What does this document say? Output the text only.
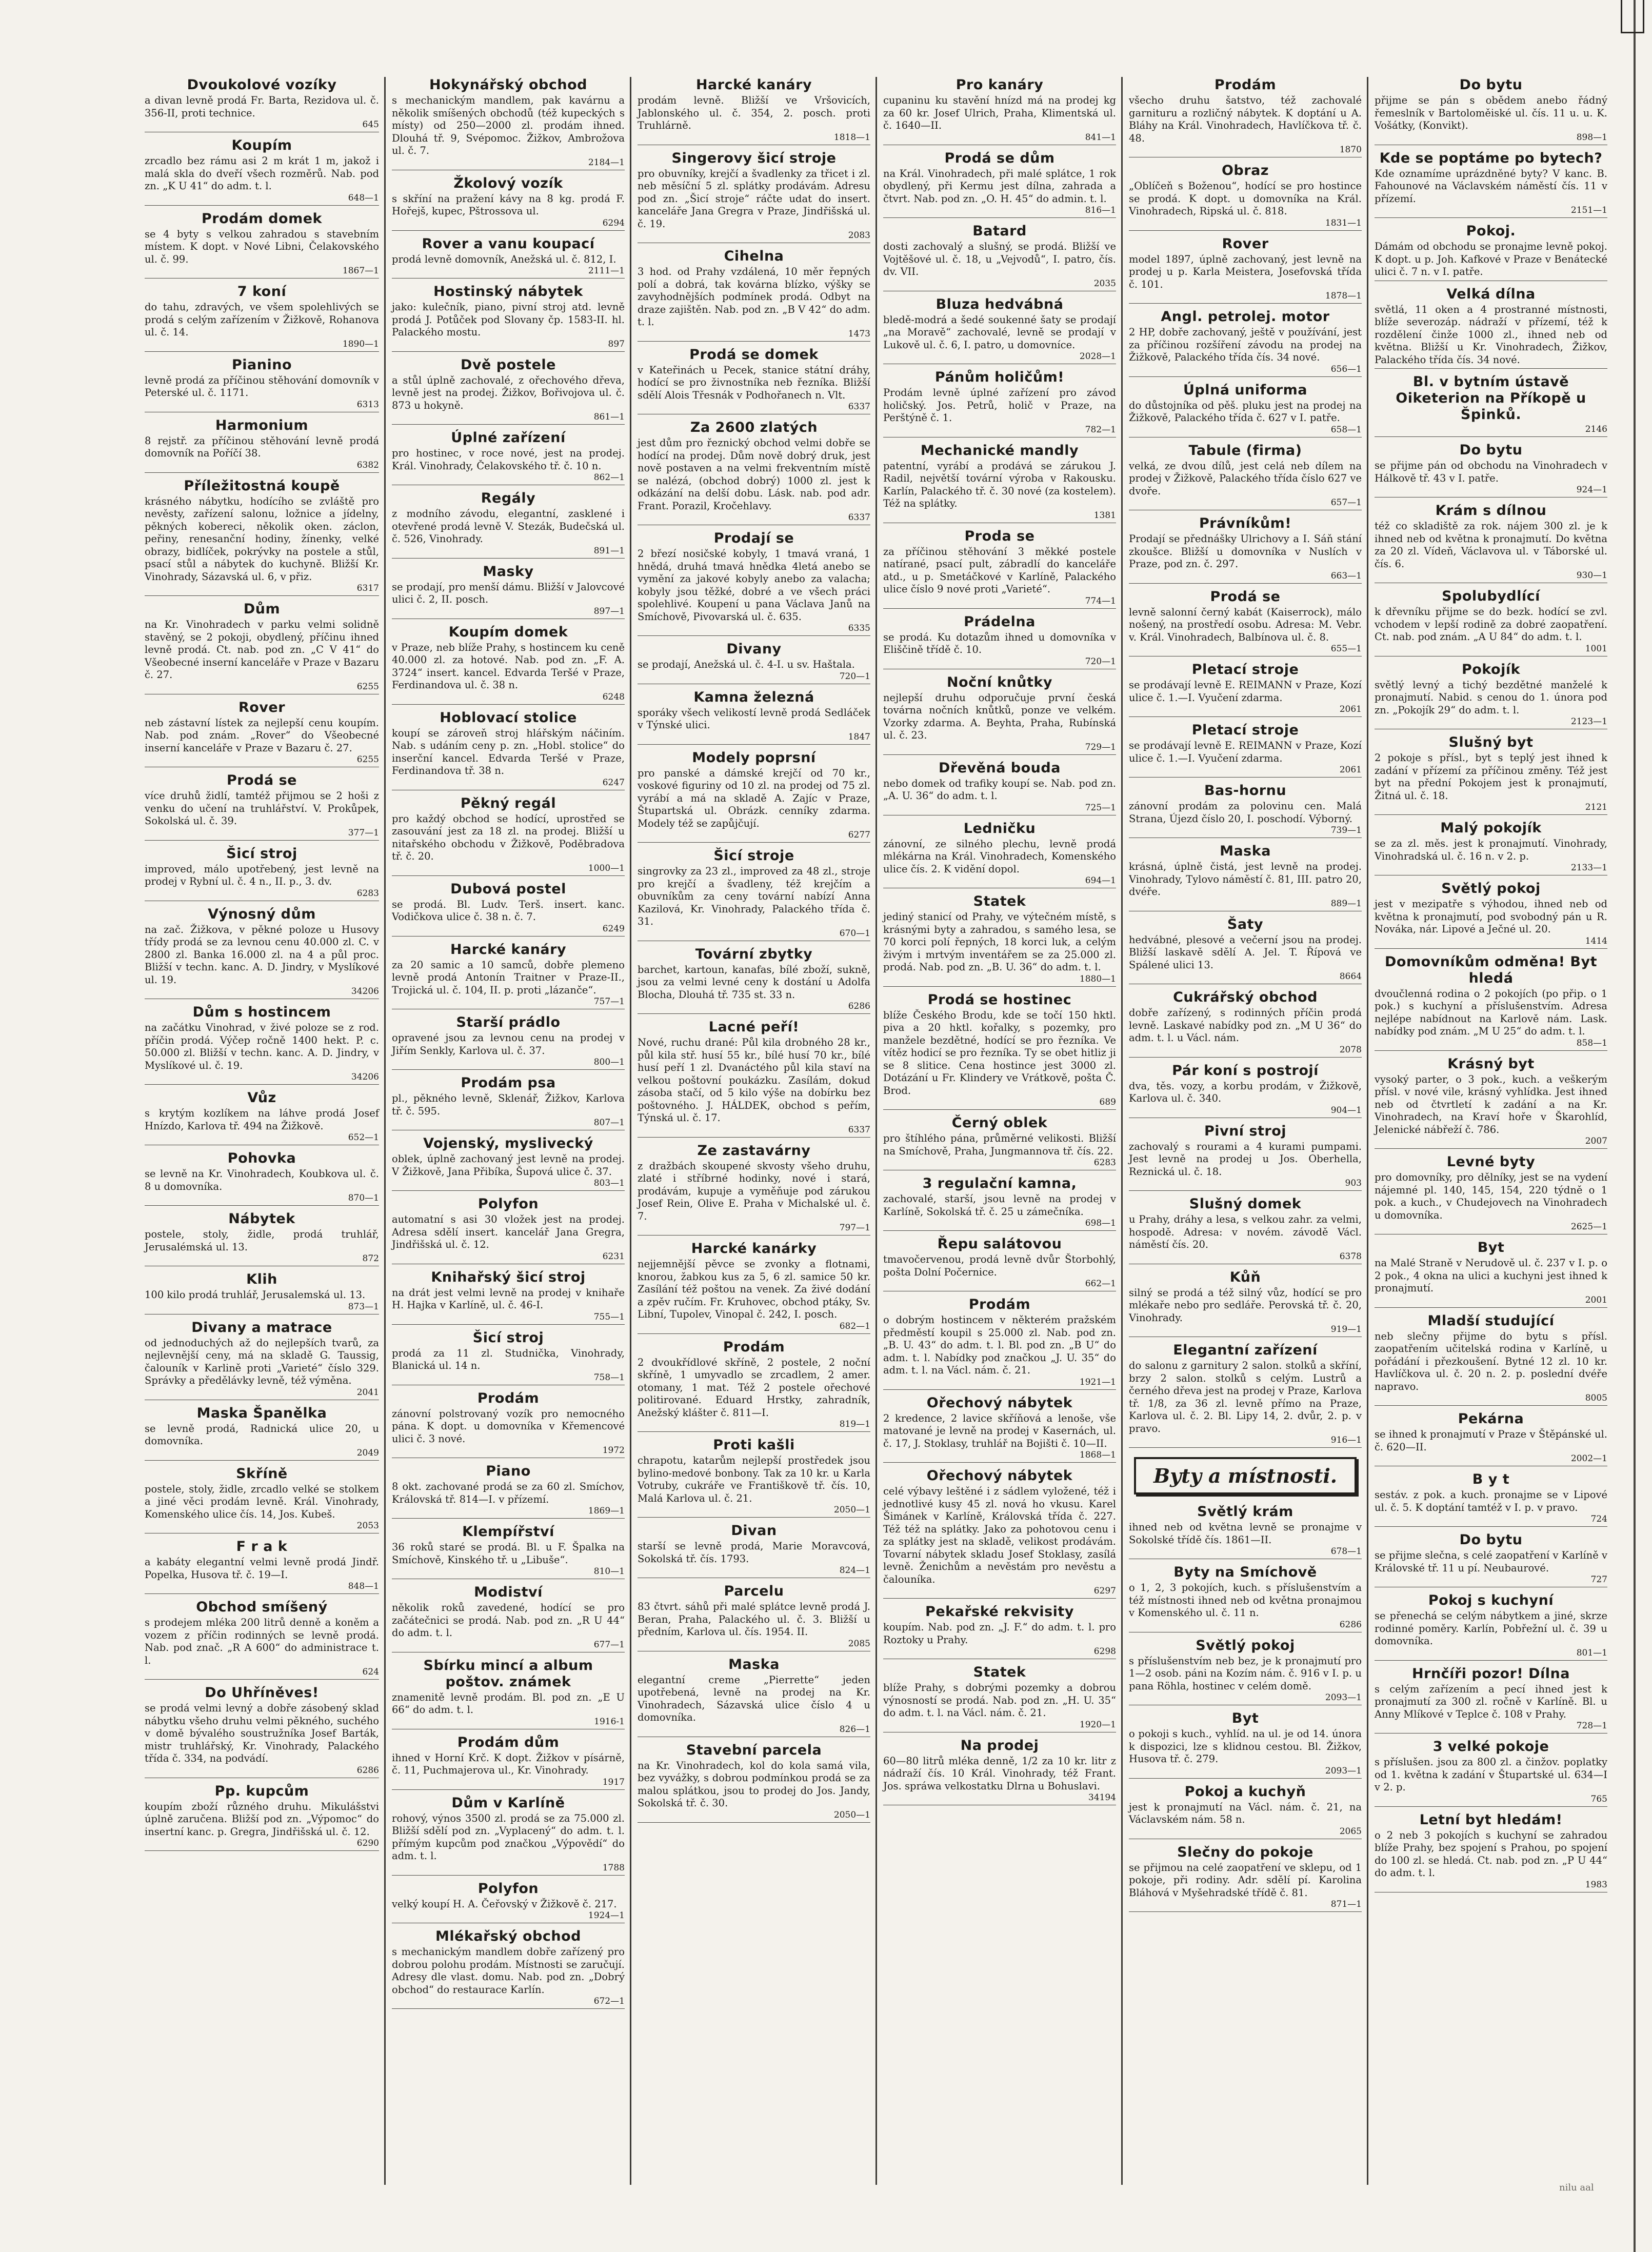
Dvoukolové vozíky

a divan levně prodá Fr. Barta, Rezidova ul. č. 356-II, proti technice.

645
Koupím

zrcadlo bez rámu asi 2 m krát 1 m, jakož i malá skla do dveří všech rozměrů. Nab. pod zn. „K U 41“ do adm. t. l.

648—1
Prodám domek

se 4 byty s velkou zahradou s stavebním místem. K dopt. v Nové Libni, Čelakovského ul. č. 99.

1867—1
7 koní

do tahu, zdravých, ve všem spolehlivých se prodá s celým zařízením v Žižkově, Rohanova ul. č. 14.

1890—1
Pianino

levně prodá za příčinou stěhování domovník v Peterské ul. č. 1171.

6313
Harmonium

8 rejstř. za příčinou stěhování levně prodá domovník na Poříčí 38.

6382
Příležitostná koupě

krásného nábytku, hodícího se zvláště pro nevěsty, zařízení salonu, ložnice a jídelny, pěkných kobereci, několik oken. záclon, peřiny, renesanční hodiny, žínenky, velké obrazy, bidlíček, pokrývky na postele a stůl, psací stůl a nábytek do kuchyně. Bližší Kr. Vinohrady, Sázavská ul. 6, v přiz.

6317
Dům

na Kr. Vinohradech v parku velmi solidně stavěný, se 2 pokoji, obydlený, příčinu ihned levně prodá. Ct. nab. pod zn. „C V 41“ do Všeobecné inserní kanceláře v Praze v Bazaru č. 27.

6255
Rover

neb zástavní lístek za nejlepší cenu koupím. Nab. pod znám. „Rover“ do Všeobecné inserní kanceláře v Praze v Bazaru č. 27.

6255
Prodá se

více druhů židlí, tamtéž přijmou se 2 hoši z venku do učení na truhlářství. V. Prokůpek, Sokolská ul. č. 39.

377—1
Šicí stroj

improved, málo upotřebený, jest levně na prodej v Rybní ul. č. 4 n., II. p., 3. dv.

6283
Výnosný dům

na zač. Žižkova, v pěkné poloze u Husovy třídy prodá se za levnou cenu 40.000 zl. C. v 2800 zl. Banka 16.000 zl. na 4 a půl proc. Bližší v techn. kanc. A. D. Jindry, v Myslíkové ul. 19.

34206
Dům s hostincem

na začátku Vinohrad, v živé poloze se z rod. příčin prodá. Výčep ročně 1400 hekt. P. c. 50.000 zl. Bližší v techn. kanc. A. D. Jindry, v Myslíkové ul. č. 19.

34206
Vůz

s krytým kozlíkem na láhve prodá Josef Hnízdo, Karlova tř. 494 na Žižkově.

652—1
Pohovka

se levně na Kr. Vinohradech, Koubkova ul. č. 8 u domovníka.

870—1
Nábytek

postele, stoly, židle, prodá truhlář, Jerusalémská ul. 13.

872
Klih

100 kilo prodá truhlář, Jerusalemská ul. 13.

873—1
Divany a matrace

od jednoduchých až do nejlepších tvarů, za nejlevnější ceny, má na skladě G. Taussig, čalouník v Karlině proti „Varieté“ číslo 329. Správky a předělávky levně, též výměna.

2041
Maska Španělka

se levně prodá, Radnická ulice 20, u domovníka.

2049
Skříně

postele, stoly, židle, zrcadlo velké se stolkem a jiné věci prodám levně. Král. Vinohrady, Komenského ulice čís. 14, Jos. Kubeš.

2053
F r a k

a kabáty elegantní velmi levně prodá Jindř. Popelka, Husova tř. č. 19—I.

848—1
Obchod smíšený

s prodejem mléka 200 litrů denně a koněm a vozem z příčin rodinných se levně prodá. Nab. pod znač. „R A 600“ do administrace t. l.

624
Do Uhříněves!

se prodá velmi levný a dobře zásobený sklad nábytku všeho druhu velmi pěkného, suchého v domě bývalého soustružníka Josef Barták, mistr truhlářský, Kr. Vinohrady, Palackého třída č. 334, na podvádí.

6286
Pp. kupcům

koupím zboží různého druhu. Mikulášstvi úplně zaručena. Bližší pod zn. „Výpomoc“ do insertní kanc. p. Gregra, Jindřišská ul. č. 12.

6290
Hokynářský obchod

s mechanickým mandlem, pak kavárnu a několik smíšených obchodů (též kupeckých s místy) od 250—2000 zl. prodám ihned. Dlouhá tř. 9, Svépomoc. Žižkov, Ambrožova ul. č. 7.

2184—1
Žkolový vozík

s skříní na pražení kávy na 8 kg. prodá F. Hořejš, kupec, Pštrossova ul.

6294
Rover a vanu koupací

prodá levně domovník, Anežská ul. č. 812, I.

2111—1
Hostinský nábytek

jako: kulečník, piano, pivní stroj atd. levně prodá J. Potůček pod Slovany čp. 1583-II. hl. Palackého mostu.

897
Dvě postele

a stůl úplně zachovalé, z ořechového dřeva, levně jest na prodej. Žižkov, Bořivojova ul. č. 873 u hokyně.

861—1
Úplné zařízení

pro hostinec, v roce nové, jest na prodej. Král. Vinohrady, Čelakovského tř. č. 10 n.

862—1
Regály

z modního závodu, elegantní, zasklené i otevřené prodá levně V. Stezák, Budečská ul. č. 526, Vinohrady.

891—1
Masky

se prodají, pro menší dámu. Bližší v Jalovcové ulici č. 2, II. posch.

897—1
Koupím domek

v Praze, neb blíže Prahy, s hostincem ku ceně 40.000 zl. za hotové. Nab. pod zn. „F. A. 3724“ insert. kancel. Edvarda Teršé v Praze, Ferdinandova ul. č. 38 n.

6248
Hoblovací stolice

koupí se zároveň stroj hlářským náčiním. Nab. s udáním ceny p. zn. „Hobl. stolice“ do inserční kancel. Edvarda Teršé v Praze, Ferdinandova tř. 38 n.

6247
Pěkný regál

pro každý obchod se hodící, uprostřed se zasouvání jest za 18 zl. na prodej. Bližší u nitařského obchodu v Žižkově, Poděbradova tř. č. 20.

1000—1
Dubová postel

se prodá. Bl. Ludv. Terš. insert. kanc. Vodičkova ulice č. 38 n. č. 7.

6249
Harcké kanáry

za 20 samic a 10 samců, dobře plemeno levně prodá Antonín Traitner v Praze-II., Trojická ul. č. 104, II. p. proti „lázanče“.

757—1
Starší prádlo

opravené jsou za levnou cenu na prodej v Jiřím Senkly, Karlova ul. č. 37.

800—1
Prodám psa

pl., pěkného levně, Sklenář, Žižkov, Karlova tř. č. 595.

807—1
Vojenský, myslivecký

oblek, úplně zachovaný jest levně na prodej. V Žižkově, Jana Přibíka, Šupová ulice č. 37.

803—1
Polyfon

automatní s asi 30 vložek jest na prodej. Adresa sdělí insert. kancelář Jana Gregra, Jindřišská ul. č. 12.

6231
Knihařský šicí stroj

na drát jest velmi levně na prodej v knihaře H. Hajka v Karlíně, ul. č. 46-I.

755—1
Šicí stroj

prodá za 11 zl. Studnička, Vinohrady, Blanická ul. 14 n.

758—1
Prodám

zánovní polstrovaný vozík pro nemocného pána. K dopt. u domovníka v Křemencové ulici č. 3 nové.

1972
Piano

8 okt. zachované prodá se za 60 zl. Smíchov, Královská tř. 814—I. v přízemí.

1869—1
Klempířství

36 roků staré se prodá. Bl. u F. Špalka na Smíchově, Kinského tř. u „Libuše“.

810—1
Modiství

několik roků zavedené, hodící se pro začátečnici se prodá. Nab. pod zn. „R U 44“ do adm. t. l.

677—1
Sbírku mincí a album poštov. známek

znamenitě levně prodám. Bl. pod zn. „E U 66“ do adm. t. l.

1916-1
Prodám dům

ihned v Horní Krč. K dopt. Žižkov v písárně, č. 11, Puchmajerova ul., Kr. Vinohrady.

1917
Dům v Karlíně

rohový, výnos 3500 zl. prodá se za 75.000 zl. Bližší sdělí pod zn. „Vyplacený“ do adm. t. l. přímým kupcům pod značkou „Výpovědí“ do adm. t. l.

1788
Polyfon

velký koupí H. A. Čeřovský v Žižkově č. 217.

1924—1
Mlékařský obchod

s mechanickým mandlem dobře zařízený pro dobrou polohu prodám. Místnosti se zaručují. Adresy dle vlast. domu. Nab. pod zn. „Dobrý obchod“ do restaurace Karlín.

672—1
Harcké kanáry

prodám levně. Bližší ve Vršovicích, Jablonského ul. č. 354, 2. posch. proti Truhlárně.

1818—1
Singerovy šicí stroje

pro obuvníky, krejčí a švadlenky za třicet i zl. neb měsíční 5 zl. splátky prodávám. Adresu pod zn. „Šicí stroje“ ráčte udat do insert. kanceláře Jana Gregra v Praze, Jindřišská ul. č. 19.

2083
Cihelna

3 hod. od Prahy vzdálená, 10 měr řepných polí a dobrá, tak kovárna blízko, výšky se zavyhodnějších podmínek prodá. Odbyt na draze zajištěn. Nab. pod zn. „B V 42“ do adm. t. l.

1473
Prodá se domek

v Kateřinách u Pecek, stanice státní dráhy, hodící se pro živnostníka neb řezníka. Bližší sdělí Alois Třesnák v Podhořanech n. Vlt.

6337
Za 2600 zlatých

jest dům pro řeznický obchod velmi dobře se hodící na prodej. Dům nově dobrý druk, jest nově postaven a na velmi frekventním místě se nalézá, (obchod dobrý) 1000 zl. jest k odkázání na delší dobu. Lásk. nab. pod adr. Frant. Porazil, Kročehlavy.

6337
Prodají se

2 březí nosičské kobyly, 1 tmavá vraná, 1 hnědá, druhá tmavá hnědka 4letá anebo se vymění za jakové kobyly anebo za valacha; kobyly jsou těžké, dobré a ve všech práci spolehlivé. Koupení u pana Václava Janů na Smíchově, Pivovarská ul. č. 635.

6335
Divany

se prodají, Anežská ul. č. 4-I. u sv. Haštala.

720—1
Kamna železná

sporáky všech velikostí levně prodá Sedláček v Týnské ulici.

1847
Modely poprsní

pro panské a dámské krejčí od 70 kr., voskové figuriny od 10 zl. na prodej od 75 zl. vyrábí a má na skladě A. Zajíc v Praze, Štupartská ul. Obrázk. cenníky zdarma. Modely též se zapůjčují.

6277
Šicí stroje

singrovky za 23 zl., improved za 48 zl., stroje pro krejčí a švadleny, též krejčím a obuvníkům za ceny tovární nabízí Anna Kazilová, Kr. Vinohrady, Palackého třída č. 31.

670—1
Tovární zbytky

barchet, kartoun, kanafas, bílé zboží, sukně, jsou za velmi levné ceny k dostání u Adolfa Blocha, Dlouhá tř. 735 st. 33 n.

6286
Lacné peří!

Nové, ruchu drané: Půl kila drobného 28 kr., půl kila stř. husí 55 kr., bílé husí 70 kr., bílé husí peří 1 zl. Dvanáctého půl kila staví na velkou poštovní poukázku. Zasílám, dokud zásoba stačí, od 5 kilo výše na dobírku bez poštovného. J. HÁLDEK, obchod s peřím, Týnská ul. č. 17.

6337
Ze zastavárny

z dražbách skoupené skvosty všeho druhu, zlaté i stříbrné hodinky, nové i stará, prodávám, kupuje a vyměňuje pod zárukou Josef Rein, Olive E. Praha v Michalské ul. č. 7.

797—1
Harcké kanárky

nejjemnější pěvce se zvonky a flotnami, knorou, žabkou kus za 5, 6 zl. samice 50 kr. Zasílání též poštou na venek. Za živé dodání a zpěv ručím. Fr. Kruhovec, obchod ptáky, Sv. Libní, Tupolev, Vinopal č. 242, I. posch.

682—1
Prodám

2 dvoukřídlové skříně, 2 postele, 2 noční skříně, 1 umyvadlo se zrcadlem, 2 amer. otomany, 1 mat. Též 2 postele ořechové politirované. Eduard Hrstky, zahradník, Anežský klášter č. 811—I.

819—1
Proti kašli

chrapotu, katarům nejlepší prostředek jsou bylino-medové bonbony. Tak za 10 kr. u Karla Votruby, cukráře ve Františkově tř. čís. 10, Malá Karlova ul. č. 21.

2050—1
Divan

starší se levně prodá, Marie Moravcová, Sokolská tř. čís. 1793.

824—1
Parcelu

83 čtvrt. sáhů při malé splátce levně prodá J. Beran, Praha, Palackého ul. č. 3. Bližší u předním, Karlova ul. čís. 1954. II.

2085
Maska

elegantní creme „Pierrette“ jeden upotřebená, levně na prodej na Kr. Vinohradech, Sázavská ulice číslo 4 u domovníka.

826—1
Stavební parcela

na Kr. Vinohradech, kol do kola samá vila, bez vyvážky, s dobrou podmínkou prodá se za malou splátkou, jsou to prodej do Jos. Jandy, Sokolská tř. č. 30.

2050—1
Pro kanáry

cupaninu ku stavění hnízd má na prodej kg za 60 kr. Josef Ulrich, Praha, Klimentská ul. č. 1640—II.

841—1
Prodá se dům

na Král. Vinohradech, při malé splátce, 1 rok obydlený, při Kermu jest dílna, zahrada a čtvrt. Nab. pod zn. „O. H. 45“ do admin. t. l.

816—1
Batard

dosti zachovalý a slušný, se prodá. Bližší ve Vojtěšové ul. č. 18, u „Vejvodů“, I. patro, čís. dv. VII.

2035
Bluza hedvábná

bledě-modrá a šedé soukenné šaty se prodají „na Moravě“ zachovalé, levně se prodají v Lukově ul. č. 6, I. patro, u domovníce.

2028—1
Pánům holičům!

Prodám levně úplné zařízení pro závod holičský. Jos. Petrů, holič v Praze, na Perštýně č. 1.

782—1
Mechanické mandly

patentní, vyrábí a prodává se zárukou J. Radil, největší tovární výroba v Rakousku. Karlín, Palackého tř. č. 30 nové (za kostelem). Též na splátky.

1381
Proda se

za příčinou stěhování 3 měkké postele natírané, psací pult, zábradlí do kanceláře atd., u p. Smetáčkové v Karlíně, Palackého ulice číslo 9 nové proti „Varieté“.

774—1
Prádelna

se prodá. Ku dotazům ihned u domovníka v Eliščině třídě č. 10.

720—1
Noční knůtky

nejlepší druhu odporučuje první česká továrna nočních knůtků, ponze ve velkém. Vzorky zdarma. A. Beyhta, Praha, Rubínská ul. č. 23.

729—1
Dřevěná bouda

nebo domek od trafiky koupí se. Nab. pod zn. „A. U. 36“ do adm. t. l.

725—1
Ledničku

zánovní, ze silného plechu, levně prodá mlékárna na Král. Vinohradech, Komenského ulice čís. 2. K vidění dopol.

694—1
Statek

jediný stanicí od Prahy, ve výtečném místě, s krásnými byty a zahradou, s samého lesa, se 70 korci polí řepných, 18 korci luk, a celým živým i mrtvým inventářem se za 25.000 zl. prodá. Nab. pod zn. „B. U. 36“ do adm. t. l.

1880—1
Prodá se hostinec

blíže Českého Brodu, kde se točí 150 hktl. piva a 20 hktl. kořalky, s pozemky, pro manžele bezdětné, hodící se pro řezníka. Ve vítěz hodicí se pro řezníka. Ty se obet hitliz ji se 8 slitice. Cena hostince jest 3000 zl. Dotázání u Fr. Klindery ve Vrátkově, pošta Č. Brod.

689
Černý oblek

pro štíhlého pána, průměrné velikosti. Bližší na Smíchově, Praha, Jungmannova tř. čís. 22.

6283
3 regulační kamna,

zachovalé, starší, jsou levně na prodej v Karlíně, Sokolská tř. č. 25 u zámečníka.

698—1
Řepu salátovou

tmavočervenou, prodá levně dvůr Štorbohlý, pošta Dolní Počernice.

662—1
Prodám

o dobrým hostincem v některém pražském předměstí koupil s 25.000 zl. Nab. pod zn. „B. U. 43“ do adm. t. l. Bl. pod zn. „B U“ do adm. t. l. Nabídky pod značkou „J. U. 35“ do adm. t. l. na Václ. nám. č. 21.

1921—1
Ořechový nábytek

2 kredence, 2 lavice skříňová a lenoše, vše matované je levně na prodej v Kasernách, ul. č. 17, J. Stoklasy, truhlář na Bojišti č. 10—II.

1868—1
Ořechový nábytek

celé výbavy leštěné i z sádlem vyložené, též i jednotlivé kusy 45 zl. nová ho vkusu. Karel Šimánek v Karlíně, Královská třída č. 227. Též též na splátky. Jako za pohotovou cenu i za splátky jest na skladě, velikost prodávám. Tovarní nábytek skladu Josef Stoklasy, zasílá levně. Ženichům a nevěstám pro nevěstu a čalouníka.

6297
Pekařské rekvisity

koupím. Nab. pod zn. „J. F.“ do adm. t. l. pro Roztoky u Prahy.

6298
Statek

blíže Prahy, s dobrými pozemky a dobrou výnosností se prodá. Nab. pod zn. „H. U. 35“ do adm. t. l. na Václ. nám. č. 21.

1920—1
Na prodej

60—80 litrů mléka denně, 1/2 za 10 kr. litr z nádraží čís. 10 Král. Vinohrady, též Frant. Jos. spráwa velkostatku Dlrna u Bohuslavi.

34194
Prodám

všecho druhu šatstvo, též zachovalé garnituru a rozličný nábytek. K doptání u A. Bláhy na Král. Vinohradech, Havlíčkova tř. č. 48.

1870
Obraz

„Oblíčeň s Boženou“, hodící se pro hostince se prodá. K dopt. u domovníka na Král. Vinohradech, Ripská ul. č. 818.

1831—1
Rover

model 1897, úplně zachovaný, jest levně na prodej u p. Karla Meistera, Josefovská třída č. 101.

1878—1
Angl. petrolej. motor

2 HP, dobře zachovaný, ještě v používání, jest za příčinou rozšíření závodu na prodej na Žižkově, Palackého třída čís. 34 nové.

656—1
Úplná uniforma

do důstojníka od pěš. pluku jest na prodej na Žižkově, Palackého třída č. 627 v I. patře.

658—1
Tabule (firma)

velká, ze dvou dílů, jest celá neb dílem na prodej v Žižkově, Palackého třída číslo 627 ve dvoře.

657—1
Právníkům!

Prodají se přednášky Ulrichovy a I. Sáň stání zkoušce. Bližší u domovníka v Nuslích v Praze, pod zn. č. 297.

663—1
Prodá se

levně salonní černý kabát (Kaiserrock), málo nošený, na prostředí osobu. Adresa: M. Vebr. v. Král. Vinohradech, Balbínova ul. č. 8.

655—1
Pletací stroje

se prodávají levně E. REIMANN v Praze, Kozí ulice č. 1.—I. Vyučení zdarma.

2061
Pletací stroje

se prodávají levně E. REIMANN v Praze, Kozí ulice č. 1.—I. Vyučení zdarma.

2061
Bas-hornu

zánovní prodám za polovinu cen. Malá Strana, Újezd číslo 20, I. poschodí. Výborný.

739—1
Maska

krásná, úplně čistá, jest levně na prodej. Vinohrady, Tylovo náměstí č. 81, III. patro 20, dvéře.

889—1
Šaty

hedvábné, plesové a večerní jsou na prodej. Bližší laskavě sdělí A. Jel. T. Řípová ve Spálené ulici 13.

8664
Cukrářský obchod

dobře zařízený, s rodinných příčin prodá levně. Laskavé nabídky pod zn. „M U 36“ do adm. t. l. u Václ. nám.

2078
Pár koní s postrojí

dva, těs. vozy, a korbu prodám, v Žižkově, Karlova ul. č. 340.

904—1
Pivní stroj

zachovalý s rourami a 4 kurami pumpami. Jest levně na prodej u Jos. Oberhella, Reznická ul. č. 18.

903
Slušný domek

u Prahy, dráhy a lesa, s velkou zahr. za velmi, hospodě. Adresa: v novém. závodě Václ. náměstí čís. 20.

6378
Kůň

silný se prodá a též silný vůz, hodící se pro mlékaře nebo pro sedláře. Perovská tř. č. 20, Vinohrady.

919—1
Elegantní zařízení

do salonu z garnitury 2 salon. stolků a skříní, brzy 2 salon. stolků s celým. Lustrů a černého dřeva jest na prodej v Praze, Karlova tř. 1/8, za 36 zl. levně přímo na Praze, Karlova ul. č. 2. Bl. Lipy 14, 2. dvůr, 2. p. v pravo.

916—1
Byty a místnosti.
Světlý krám

ihned neb od května levně se pronajme v Sokolské třídě čís. 1861—II.

678—1
Byty na Smíchově

o 1, 2, 3 pokojích, kuch. s příslušenstvím a též místnosti ihned neb od května pronajmou v Komenského ul. č. 11 n.

6286
Světlý pokoj

s příslušenstvím neb bez, je k pronajmutí pro 1—2 osob. páni na Kozím nám. č. 916 v I. p. u pana Röhla, hostinec v celém domě.

2093—1
Byt

o pokoji s kuch., vyhlíd. na ul. je od 14. února k dispozici, lze s klidnou cestou. Bl. Žižkov, Husova tř. č. 279.

2093—1
Pokoj a kuchyň

jest k pronajmutí na Václ. nám. č. 21, na Václavském nám. 58 n.

2065
Slečny do pokoje

se přijmou na celé zaopatření ve sklepu, od 1 pokoje, při rodiny. Adr. sdělí pí. Karolina Bláhová v Myšehradské třídě č. 81.

871—1
Do bytu

přijme se pán s obědem anebo řádný řemeslník v Bartoloměiské ul. čís. 11 u. u. K. Vošátky, (Konvikt).

898—1
Kde se poptáme po bytech?

Kde oznamíme uprázdněné byty? V kanc. B. Fahounové na Václavském náměstí čís. 11 v přízemí.

2151—1
Pokoj.

Dámám od obchodu se pronajme levně pokoj. K dopt. u p. Joh. Kafkové v Praze v Benátecké ulici č. 7 n. v I. patře.

Velká dílna

světlá, 11 oken a 4 prostranné místnosti, blíže severozáp. nádraží v přízemí, též k rozdělení činže 1000 zl., ihned neb od května. Bližší u Kr. Vinohradech, Žižkov, Palackého třída čís. 34 nové.

Bl. v bytním ústavě Oiketerion na Příkopě u Špinků.
2146
Do bytu

se přijme pán od obchodu na Vinohradech v Hálkově tř. 43 v I. patře.

924—1
Krám s dílnou

též co skladiště za rok. nájem 300 zl. je k ihned neb od května k pronajmutí. Do května za 20 zl. Vídeň, Václavova ul. v Táborské ul. čís. 6.

930—1
Spolubydlící

k dřevníku přijme se do bezk. hodící se zvl. vchodem v lepší rodině za dobré zaopatření. Ct. nab. pod znám. „A U 84“ do adm. t. l.

1001
Pokojík

světlý levný a tichý bezdětné manželé k pronajmutí. Nabid. s cenou do 1. února pod zn. „Pokojík 29“ do adm. t. l.

2123—1
Slušný byt

2 pokoje s přísl., byt s teplý jest ihned k zadání v přízemí za příčinou změny. Též jest byt na přední Pokojem jest k pronajmutí, Žitná ul. č. 18.

2121
Malý pokojík

se za zl. měs. jest k pronajmutí. Vinohrady, Vinohradská ul. č. 16 n. v 2. p.

2133—1
Světlý pokoj

jest v mezipatře s výhodou, ihned neb od května k pronajmutí, pod svobodný pán u R. Nováka, nár. Lipové a Ječné ul. 20.

1414
Domovníkům odměna! Byt hledá

dvoučlenná rodina o 2 pokojích (po přip. o 1 pok.) s kuchyní a příslušenstvím. Adresa nejlépe nabídnout na Karlově nám. Lask. nabídky pod znám. „M U 25“ do adm. t. l.

858—1
Krásný byt

vysoký parter, o 3 pok., kuch. a veškerým přísl. v nové vile, krásný vyhlídka. Jest ihned neb od čtvrtletí k zadání a na Kr. Vinohradech, na Kraví hoře v Škarohlíd, Jelenické nábřeží č. 786.

2007
Levné byty

pro domovníky, pro dělníky, jest se na vydení nájemné pl. 140, 145, 154, 220 týdně o 1 pok. a kuch., v Chudejovech na Vinohradech u domovníka.

2625—1
Byt

na Malé Straně v Nerudově ul. č. 237 v I. p. o 2 pok., 4 okna na ulici a kuchyni jest ihned k pronajmutí.

2001
Mladší studující

neb slečny přijme do bytu s přísl. zaopatřením učitelská rodina v Karlíně, u pořádání i přezkoušení. Bytné 12 zl. 10 kr. Havlíčkova ul. č. 20 n. 2. p. poslední dvéře napravo.

8005
Pekárna

se ihned k pronajmutí v Praze v Štěpánské ul. č. 620—II.

2002—1
B y t

sestáv. z pok. a kuch. pronajme se v Lipové ul. č. 5. K doptání tamtéž v I. p. v pravo.

724
Do bytu

se přijme slečna, s celé zaopatření v Karlíně v Královské tř. 11 u pí. Neubaurové.

727
Pokoj s kuchyní

se přenechá se celým nábytkem a jiné, skrze rodinné poměry. Karlín, Pobřežní ul. č. 39 u domovníka.

801—1
Hrnčíři pozor! Dílna

s celým zařízením a pecí ihned jest k pronajmutí za 300 zl. ročně v Karlíně. Bl. u Anny Mlíkové v Teplce č. 108 v Prahy.

728—1
3 velké pokoje

s příslušen. jsou za 800 zl. a činžov. poplatky od 1. května k zadání v Štupartské ul. 634—I v 2. p.

765
Letní byt hledám!

o 2 neb 3 pokojích s kuchyní se zahradou blíže Prahy, bez spojení s Prahou, po spojení do 100 zl. se hledá. Ct. nab. pod zn. „P U 44“ do adm. t. l.

1983
nilu aal
